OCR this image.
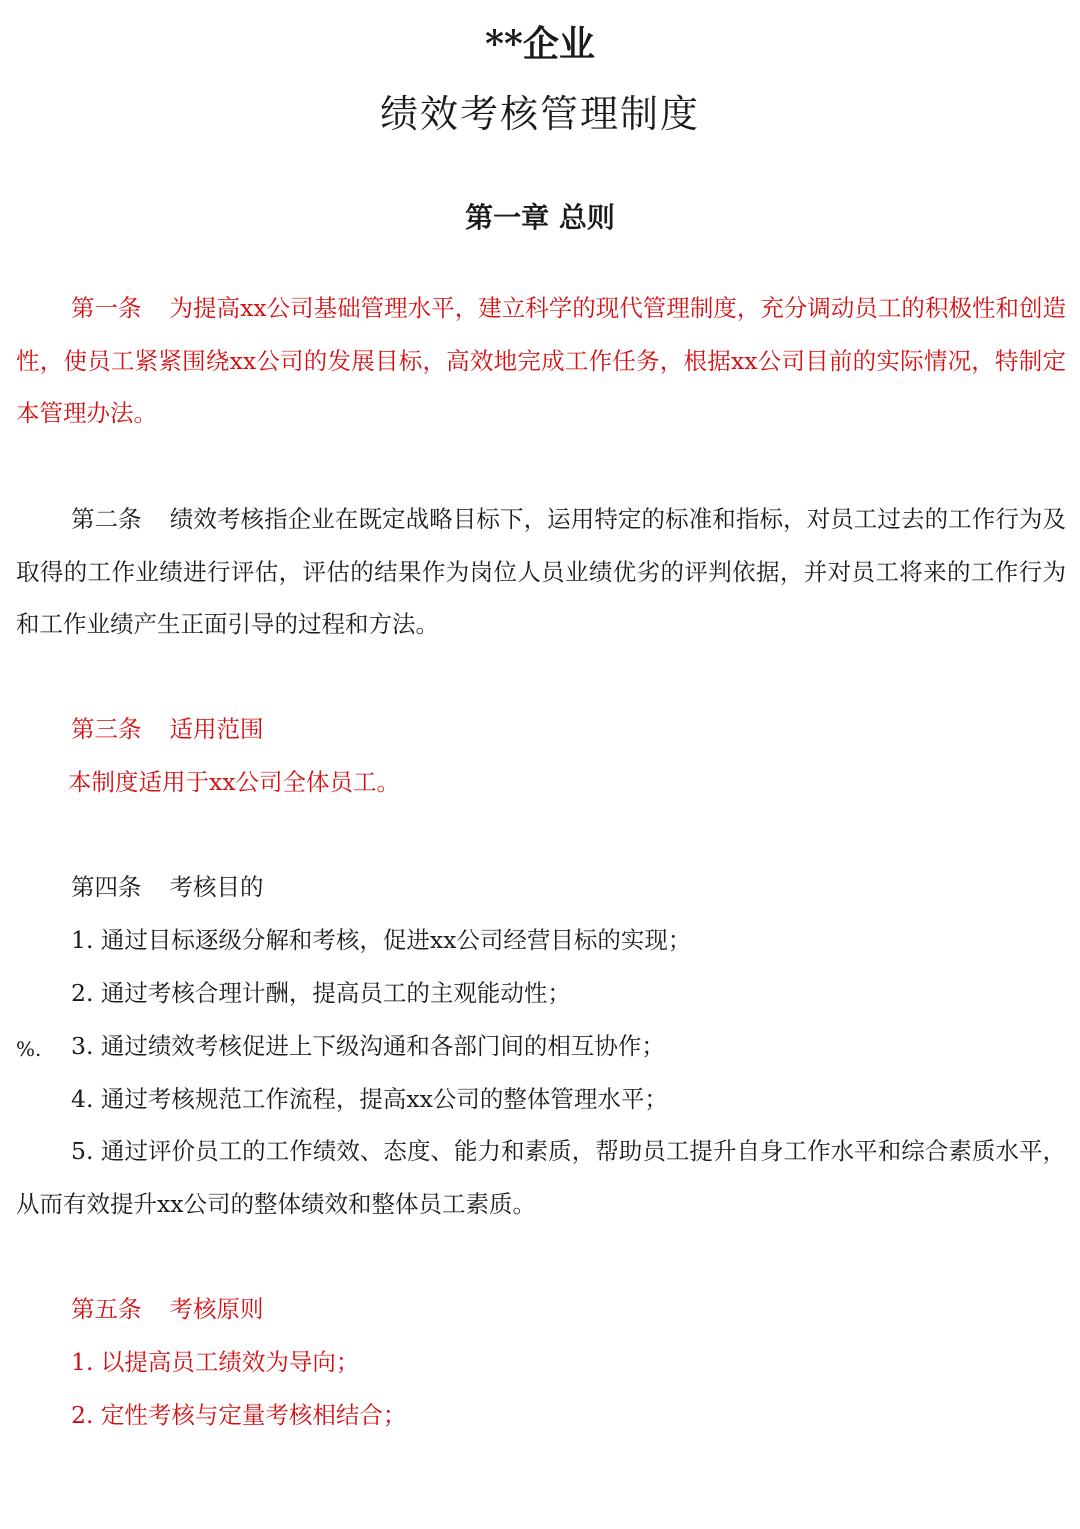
**企业
绩效考核管理制度
第一章 总则

第一条 为提高xx公司基础管理水平，建立科学的现代管理制度，充分调动员工的积极性和创造性，使员工紧紧围绕xx公司的发展目标，高效地完成工作任务，根据xx公司目前的实际情况，特制定本管理办法。

第二条 绩效考核指企业在既定战略目标下，运用特定的标准和指标，对员工过去的工作行为及取得的工作业绩进行评估，评估的结果作为岗位人员业绩优劣的评判依据，并对员工将来的工作行为和工作业绩产生正面引导的过程和方法。

第三条 适用范围

本制度适用于xx公司全体员工。

第四条 考核目的

1. 通过目标逐级分解和考核，促进xx公司经营目标的实现；

2. 通过考核合理计酬，提高员工的主观能动性；

%. 3. 通过绩效考核促进上下级沟通和各部门间的相互协作；

4. 通过考核规范工作流程，提高xx公司的整体管理水平；

5. 通过评价员工的工作绩效、态度、能力和素质，帮助员工提升自身工作水平和综合素质水平，从而有效提升xx公司的整体绩效和整体员工素质。

第五条 考核原则

1. 以提高员工绩效为导向；

2. 定性考核与定量考核相结合；
